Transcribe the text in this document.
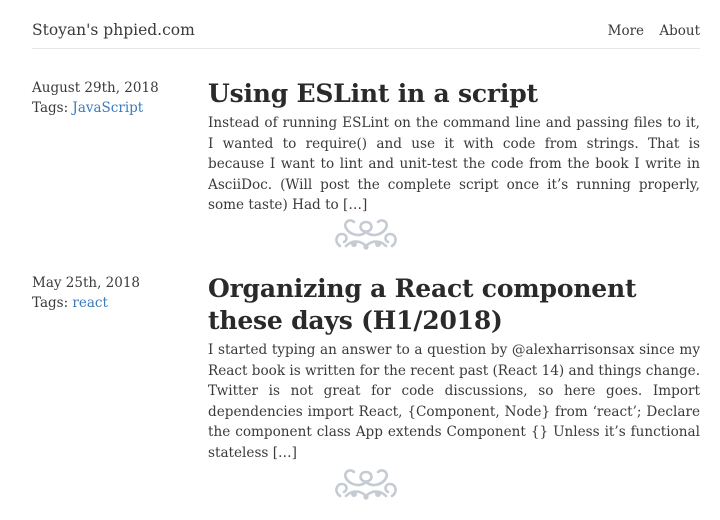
Stoyan's phpied.com	More About
August 29th, 2018
Tags: JavaScript	Using ESLint in a script

Instead of running ESLint on the command line and passing files to it, I wanted to require() and use it with code from strings. That is because I want to lint and unit-test the code from the book I write in AsciiDoc. (Will post the complete script once it’s running properly, some taste) Had to […]

May 25th, 2018
Tags: react	Organizing a React component these days (H1/2018)

I started typing an answer to a question by @alexharrisonsax since my React book is written for the recent past (React 14) and things change. Twitter is not great for code discussions, so here goes. Import dependencies import React, {Component, Node} from ‘react’; Declare the component class App extends Component {} Unless it’s functional stateless […]
